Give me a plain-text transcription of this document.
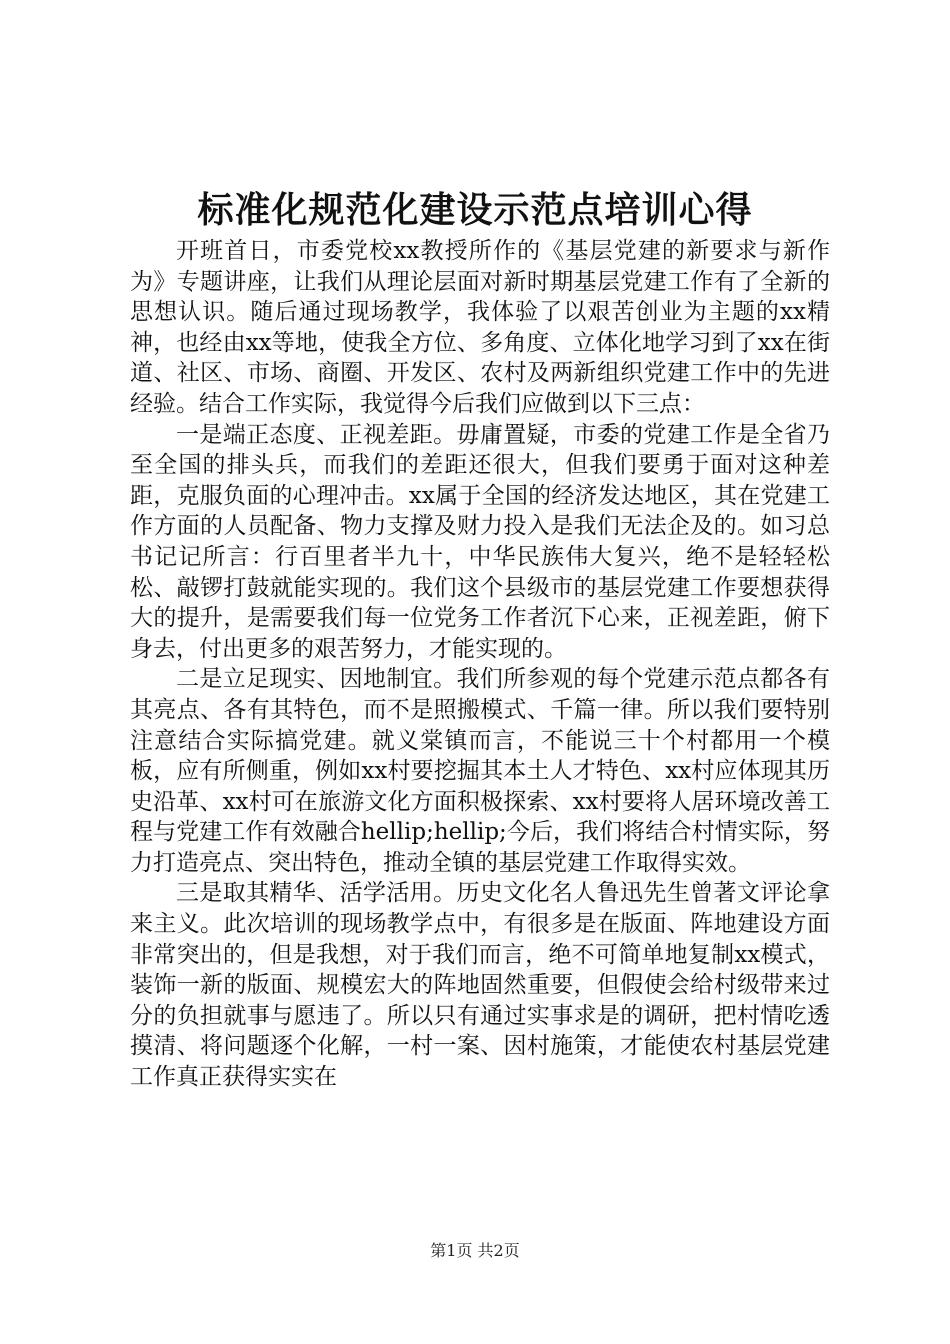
标准化规范化建设示范点培训心得

开班首日，市委党校xx教授所作的《基层党建的新要求与新作为》专题讲座，让我们从理论层面对新时期基层党建工作有了全新的思想认识。随后通过现场教学，我体验了以艰苦创业为主题的xx精神，也经由xx等地，使我全方位、多角度、立体化地学习到了xx在街道、社区、市场、商圈、开发区、农村及两新组织党建工作中的先进经验。结合工作实际，我觉得今后我们应做到以下三点：

一是端正态度、正视差距。毋庸置疑，市委的党建工作是全省乃至全国的排头兵，而我们的差距还很大，但我们要勇于面对这种差距，克服负面的心理冲击。xx属于全国的经济发达地区，其在党建工作方面的人员配备、物力支撑及财力投入是我们无法企及的。如习总书记记所言：行百里者半九十，中华民族伟大复兴，绝不是轻轻松松、敲锣打鼓就能实现的。我们这个县级市的基层党建工作要想获得大的提升，是需要我们每一位党务工作者沉下心来，正视差距，俯下身去，付出更多的艰苦努力，才能实现的。

二是立足现实、因地制宜。我们所参观的每个党建示范点都各有其亮点、各有其特色，而不是照搬模式、千篇一律。所以我们要特别注意结合实际搞党建。就义棠镇而言，不能说三十个村都用一个模板，应有所侧重，例如xx村要挖掘其本土人才特色、xx村应体现其历史沿革、xx村可在旅游文化方面积极探索、xx村要将人居环境改善工程与党建工作有效融合hellip;hellip;今后，我们将结合村情实际，努力打造亮点、突出特色，推动全镇的基层党建工作取得实效。

三是取其精华、活学活用。历史文化名人鲁迅先生曾著文评论拿来主义。此次培训的现场教学点中，有很多是在版面、阵地建设方面非常突出的，但是我想，对于我们而言，绝不可简单地复制xx模式，装饰一新的版面、规模宏大的阵地固然重要，但假使会给村级带来过分的负担就事与愿违了。所以只有通过实事求是的调研，把村情吃透摸清、将问题逐个化解，一村一案、因村施策，才能使农村基层党建工作真正获得实实在

第1页 共2页
